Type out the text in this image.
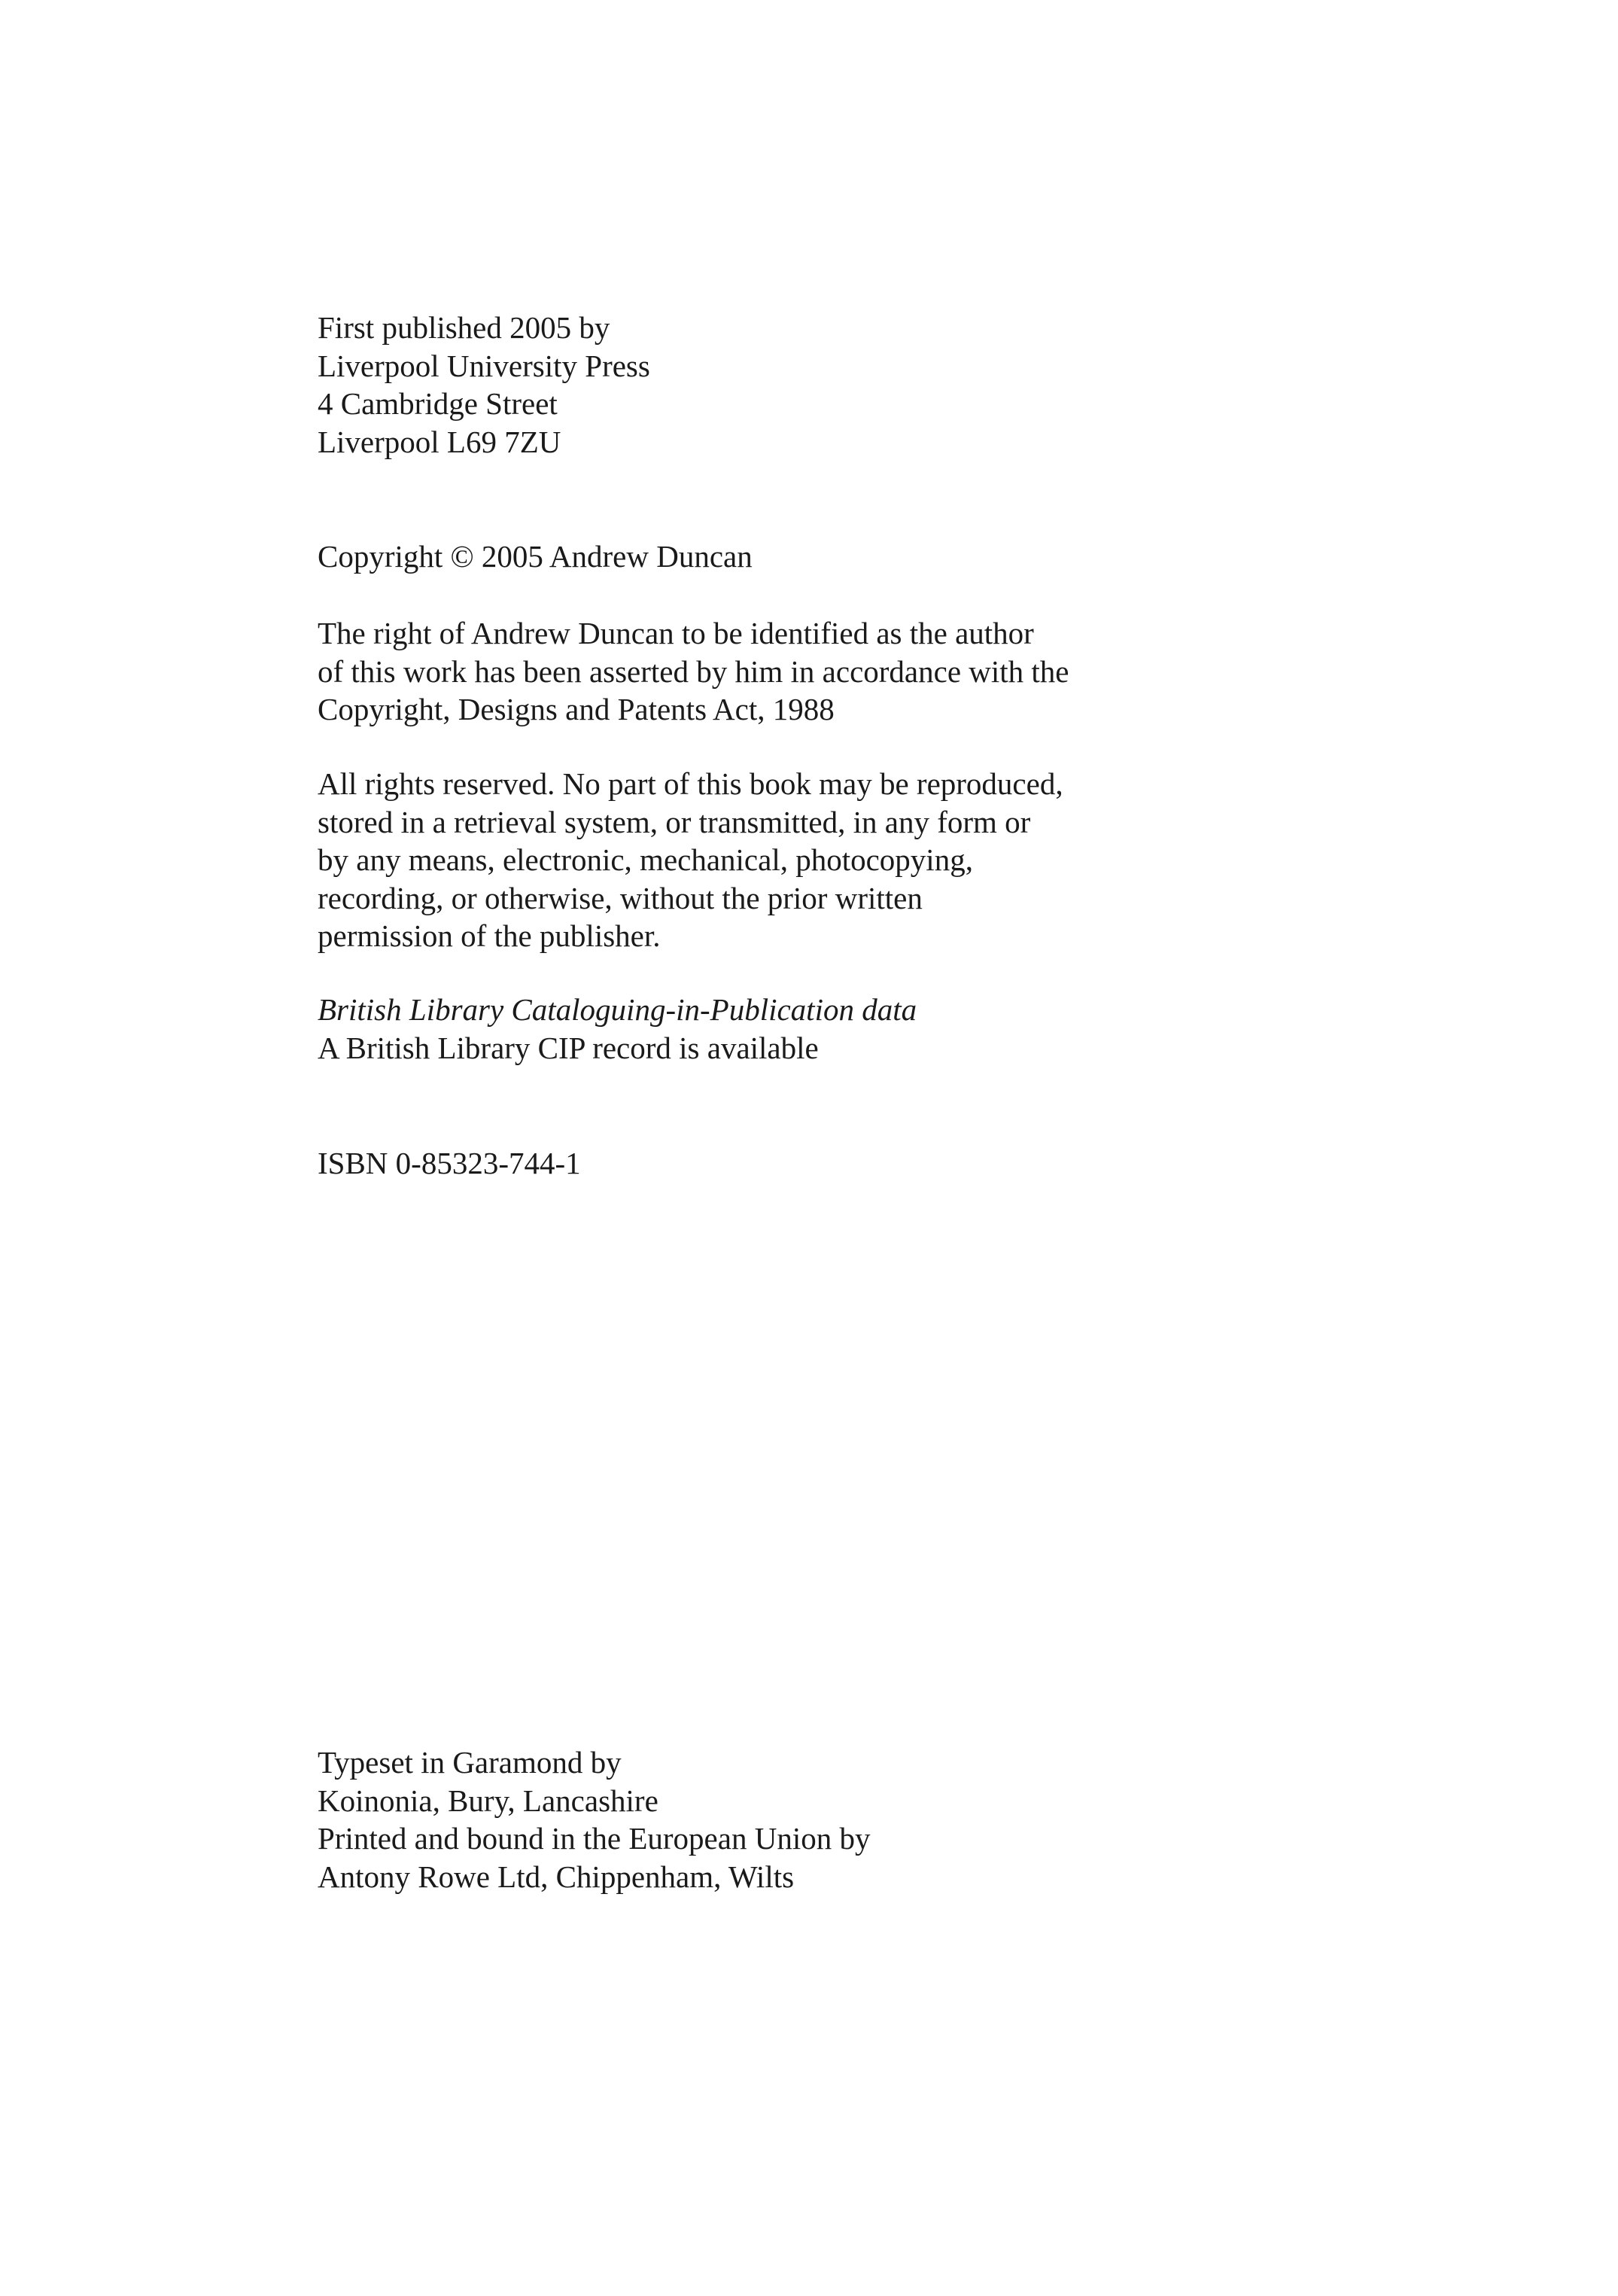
First published 2005 by
Liverpool University Press
4 Cambridge Street
Liverpool L69 7ZU
Copyright © 2005 Andrew Duncan
The right of Andrew Duncan to be identified as the author
of this work has been asserted by him in accordance with the
Copyright, Designs and Patents Act, 1988
All rights reserved. No part of this book may be reproduced,
stored in a retrieval system, or transmitted, in any form or
by any means, electronic, mechanical, photocopying,
recording, or otherwise, without the prior written
permission of the publisher.
British Library Cataloguing-in-Publication data
A British Library CIP record is available
ISBN 0-85323-744-1
Typeset in Garamond by
Koinonia, Bury, Lancashire
Printed and bound in the European Union by
Antony Rowe Ltd, Chippenham, Wilts
